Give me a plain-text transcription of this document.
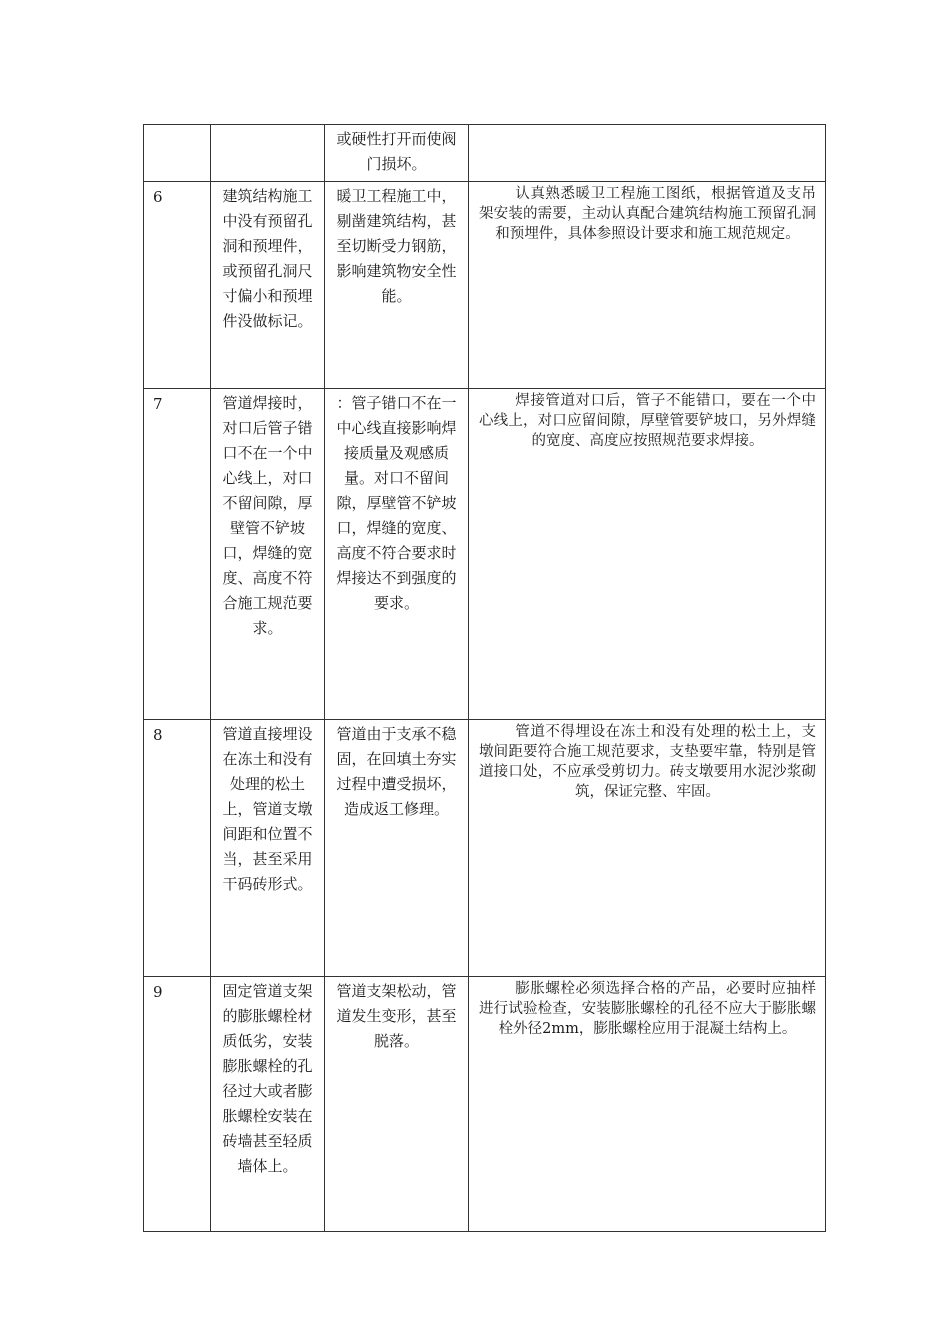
		或硬性打开而使阀门损坏。	

6	建筑结构施工中没有预留孔洞和预埋件，或预留孔洞尺寸偏小和预埋件没做标记。	暖卫工程施工中，剔凿建筑结构，甚至切断受力钢筋，影响建筑物安全性能。	认真熟悉暖卫工程施工图纸，根据管道及支吊架安装的需要，主动认真配合建筑结构施工预留孔洞和预埋件，具体参照设计要求和施工规范规定。

7	管道焊接时，对口后管子错口不在一个中心线上，对口不留间隙，厚壁管不铲坡口，焊缝的宽度、高度不符合施工规范要求。	：管子错口不在一中心线直接影响焊接质量及观感质量。对口不留间隙，厚壁管不铲坡口，焊缝的宽度、高度不符合要求时焊接达不到强度的要求。	焊接管道对口后，管子不能错口，要在一个中心线上，对口应留间隙，厚壁管要铲坡口，另外焊缝的宽度、高度应按照规范要求焊接。

8	管道直接埋设在冻土和没有处理的松土上，管道支墩间距和位置不当，甚至采用干码砖形式。	管道由于支承不稳固，在回填土夯实过程中遭受损坏，造成返工修理。	管道不得埋设在冻土和没有处理的松土上，支墩间距要符合施工规范要求，支垫要牢靠，特别是管道接口处，不应承受剪切力。砖支墩要用水泥沙浆砌筑，保证完整、牢固。

9	固定管道支架的膨胀螺栓材质低劣，安装膨胀螺栓的孔径过大或者膨胀螺栓安装在砖墙甚至轻质墙体上。	管道支架松动，管道发生变形，甚至脱落。	膨胀螺栓必须选择合格的产品，必要时应抽样进行试验检查，安装膨胀螺栓的孔径不应大于膨胀螺栓外径2mm，膨胀螺栓应用于混凝土结构上。
